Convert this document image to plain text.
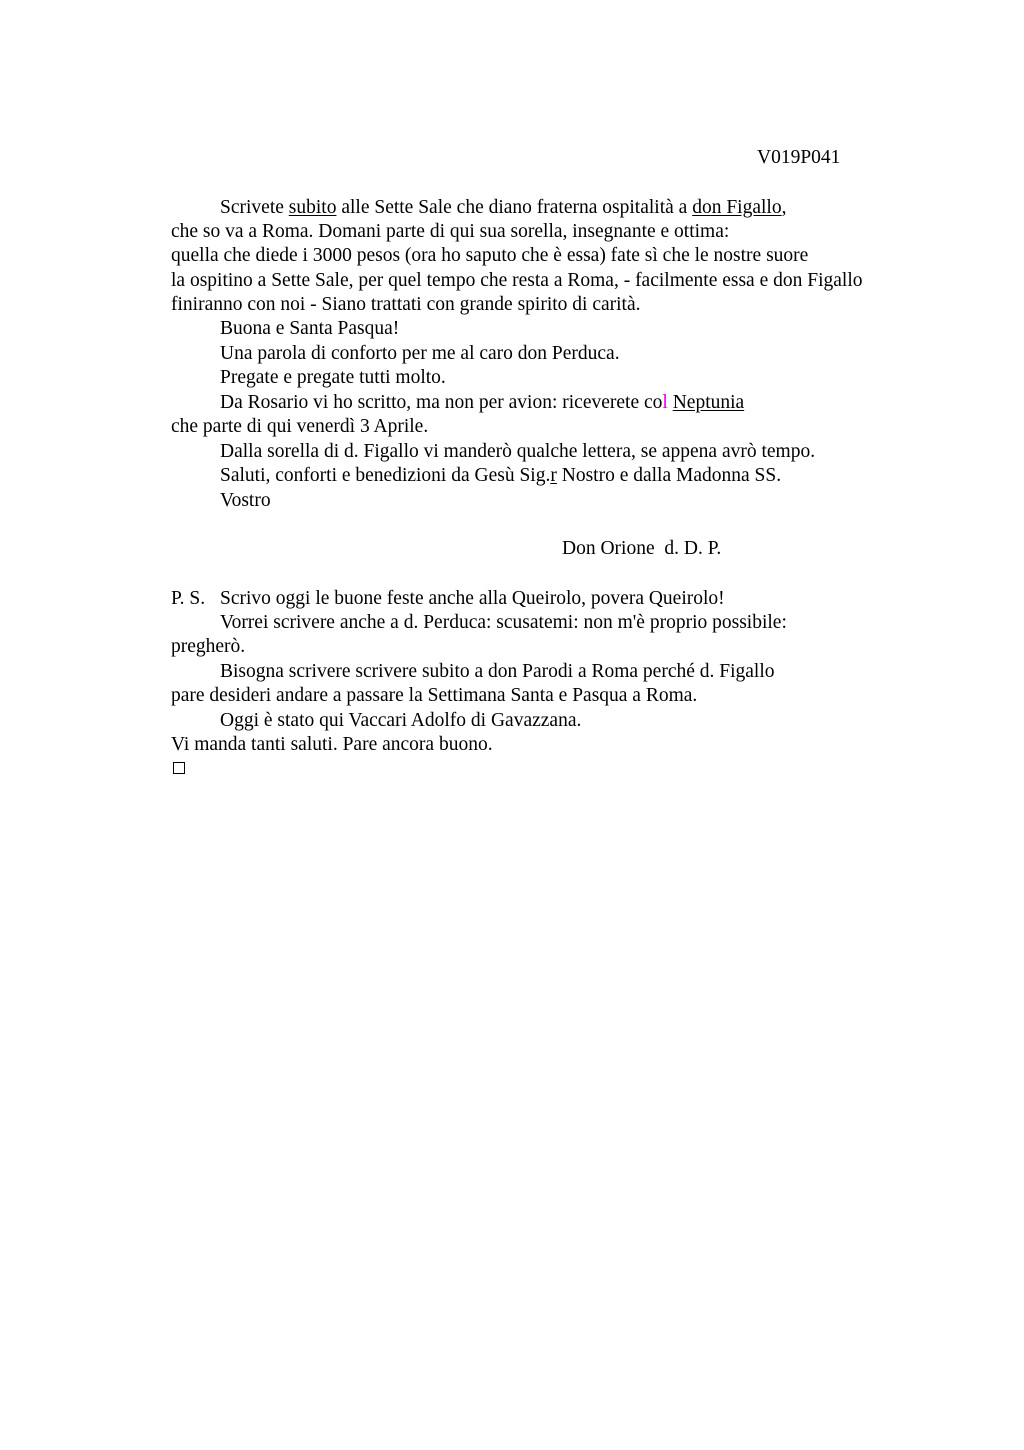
V019P041
Scrivete subito alle Sette Sale che diano fraterna ospitalità a don Figallo,
che so va a Roma. Domani parte di qui sua sorella, insegnante e ottima:
quella che diede i 3000 pesos (ora ho saputo che è essa) fate sì che le nostre suore
la ospitino a Sette Sale, per quel tempo che resta a Roma, - facilmente essa e don Figallo
finiranno con noi - Siano trattati con grande spirito di carità.
Buona e Santa Pasqua!
Una parola di conforto per me al caro don Perduca.
Pregate e pregate tutti molto.
Da Rosario vi ho scritto, ma non per avion: riceverete col Neptunia
che parte di qui venerdì 3 Aprile.
Dalla sorella di d. Figallo vi manderò qualche lettera, se appena avrò tempo.
Saluti, conforti e benedizioni da Gesù Sig.r Nostro e dalla Madonna SS.
Vostro
Don Orione  d. D. P.
P. S. Scrivo oggi le buone feste anche alla Queirolo, povera Queirolo!
Vorrei scrivere anche a d. Perduca: scusatemi: non m'è proprio possibile:
pregherò.
Bisogna scrivere scrivere subito a don Parodi a Roma perché d. Figallo
pare desideri andare a passare la Settimana Santa e Pasqua a Roma.
Oggi è stato qui Vaccari Adolfo di Gavazzana.
Vi manda tanti saluti. Pare ancora buono.
